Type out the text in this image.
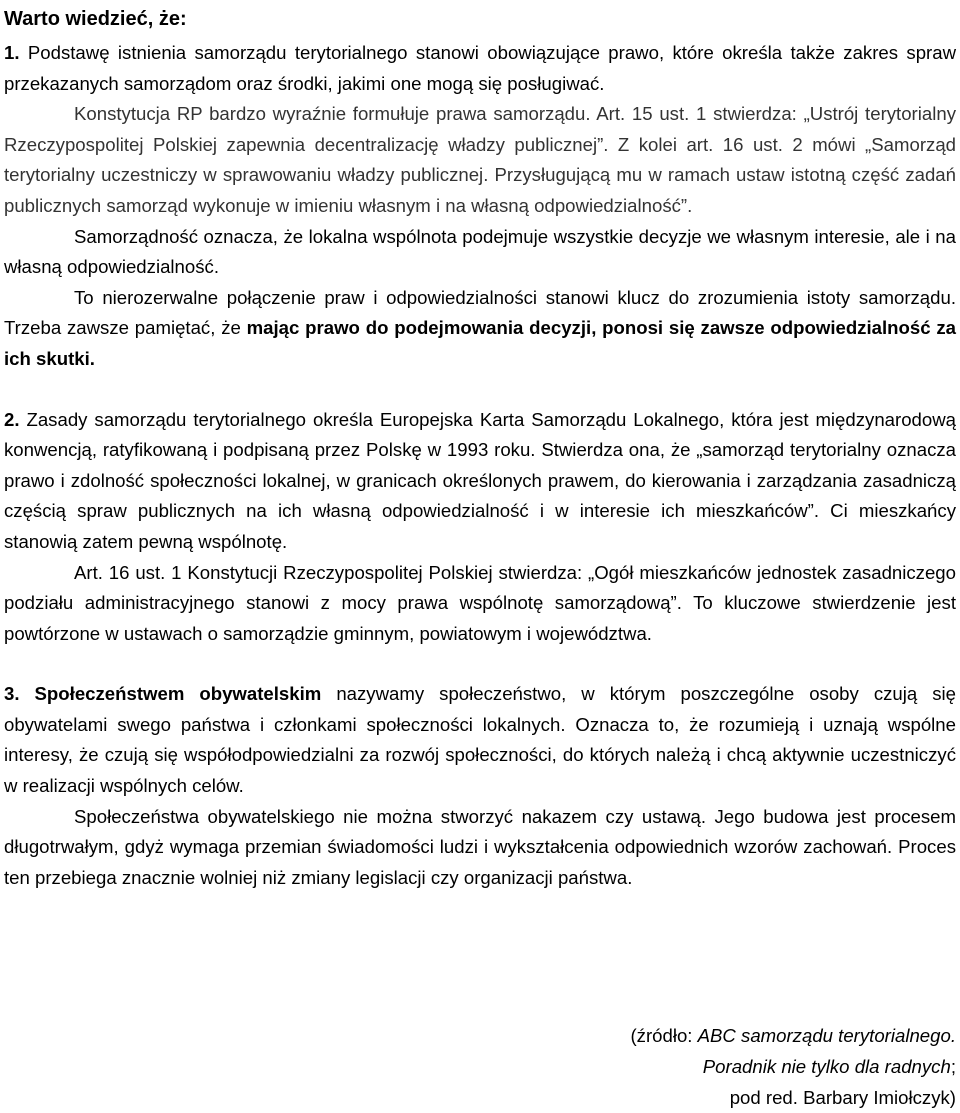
Warto wiedzieć, że:

1. Podstawę istnienia samorządu terytorialnego stanowi obowiązujące prawo, które określa także zakres spraw przekazanych samorządom oraz środki, jakimi one mogą się posługiwać.

Konstytucja RP bardzo wyraźnie formułuje prawa samorządu. Art. 15 ust. 1 stwierdza: „Ustrój terytorialny Rzeczypospolitej Polskiej zapewnia decentralizację władzy publicznej”. Z kolei art. 16 ust. 2 mówi „Samorząd terytorialny uczestniczy w sprawowaniu władzy publicznej. Przysługującą mu w ramach ustaw istotną część zadań publicznych samorząd wykonuje w imieniu własnym i na własną odpowiedzialność”.

Samorządność oznacza, że lokalna wspólnota podejmuje wszystkie decyzje we własnym interesie, ale i na własną odpowiedzialność.

To nierozerwalne połączenie praw i odpowiedzialności stanowi klucz do zrozumienia istoty samorządu. Trzeba zawsze pamiętać, że mając prawo do podejmowania decyzji, ponosi się zawsze odpowiedzialność za ich skutki.

2. Zasady samorządu terytorialnego określa Europejska Karta Samorządu Lokalnego, która jest międzynarodową konwencją, ratyfikowaną i podpisaną przez Polskę w 1993 roku. Stwierdza ona, że „samorząd terytorialny oznacza prawo i zdolność społeczności lokalnej, w granicach określonych prawem, do kierowania i zarządzania zasadniczą częścią spraw publicznych na ich własną odpowiedzialność i w interesie ich mieszkańców”. Ci mieszkańcy stanowią zatem pewną wspólnotę.

Art. 16 ust. 1 Konstytucji Rzeczypospolitej Polskiej stwierdza: „Ogół mieszkańców jednostek zasadniczego podziału administracyjnego stanowi z mocy prawa wspólnotę samorządową”. To kluczowe stwierdzenie jest powtórzone w ustawach o samorządzie gminnym, powiatowym i województwa.

3. Społeczeństwem obywatelskim nazywamy społeczeństwo, w którym poszczególne osoby czują się obywatelami swego państwa i członkami społeczności lokalnych. Oznacza to, że rozumieją i uznają wspólne interesy, że czują się współodpowiedzialni za rozwój społeczności, do których należą i chcą aktywnie uczestniczyć w realizacji wspólnych celów.

Społeczeństwa obywatelskiego nie można stworzyć nakazem czy ustawą. Jego budowa jest procesem długotrwałym, gdyż wymaga przemian świadomości ludzi i wykształcenia odpowiednich wzorów zachowań. Proces ten przebiega znacznie wolniej niż zmiany legislacji czy organizacji państwa.

(źródło: ABC samorządu terytorialnego.
Poradnik nie tylko dla radnych;
pod red. Barbary Imiołczyk)
